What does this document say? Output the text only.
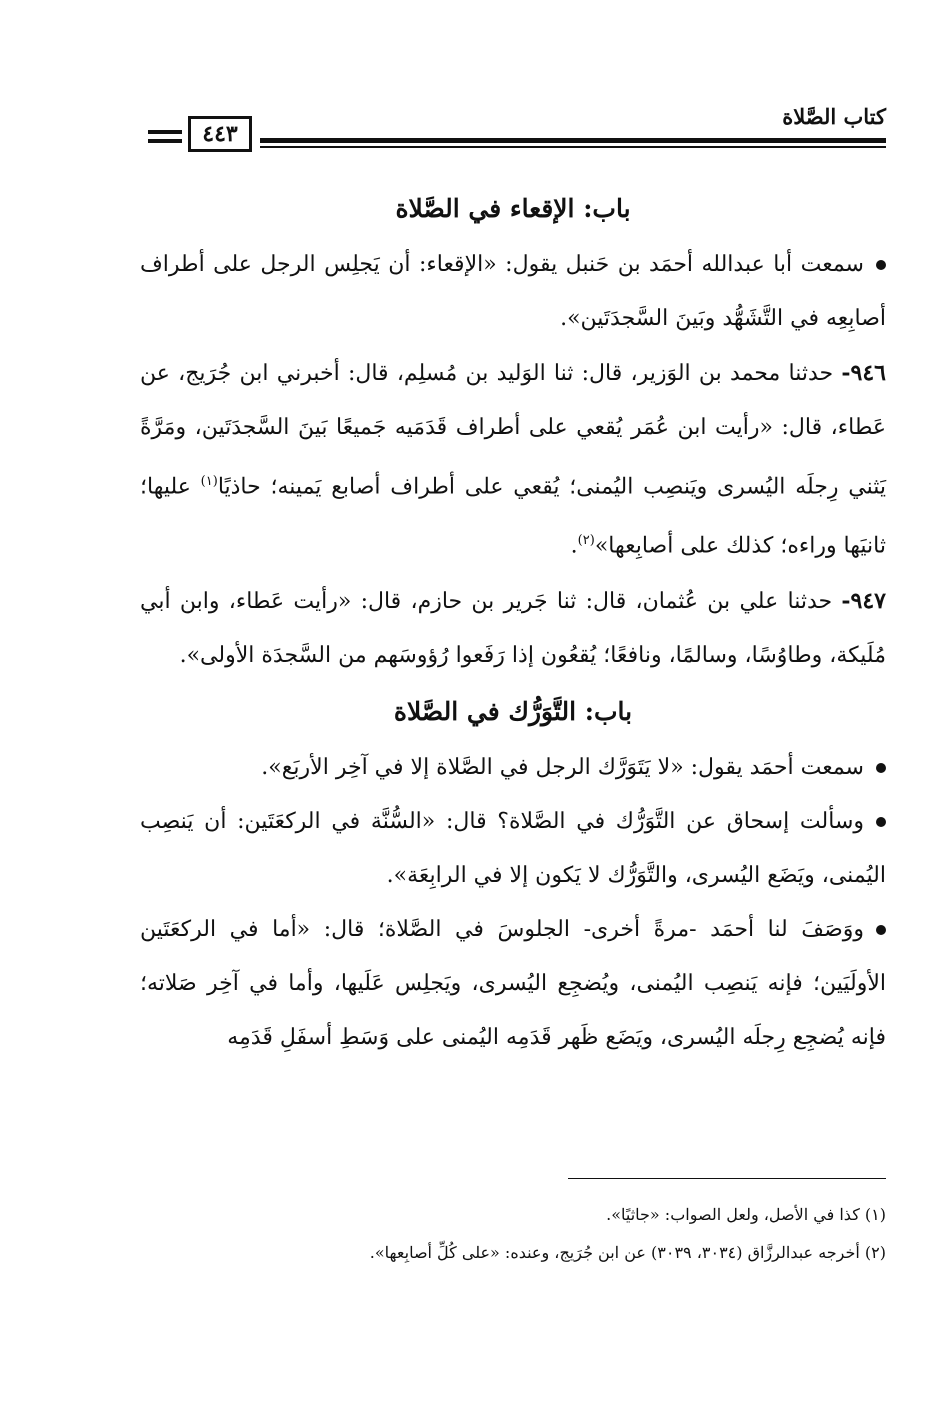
كتاب الصَّلاة
٤٤٣
باب: الإقعاء في الصَّلاة

سمعت أبا عبدالله أحمَد بن حَنبل يقول: «الإقعاء: أن يَجلِس الرجل على أطراف أصابِعِه في التَّشَهُّد وبَينَ السَّجدَتَين».

٩٤٦- حدثنا محمد بن الوَزير، قال: ثنا الوَليد بن مُسلِم، قال: أخبرني ابن جُرَيج، عن عَطاء، قال: «رأيت ابن عُمَر يُقعي على أطراف قَدَمَيه جَميعًا بَينَ السَّجدَتَين، ومَرَّةً يَثني رِجلَه اليُسرى ويَنصِب اليُمنى؛ يُقعي على أطراف أصابع يَمينه؛ حاذيًا$^{(١)}$ عليها؛ ثانيَها وراءه؛ كذلك على أصابِعها»$^{(٢)}$.

٩٤٧- حدثنا علي بن عُثمان، قال: ثنا جَرير بن حازم، قال: «رأيت عَطاء، وابن أبي مُلَيكة، وطاوُسًا، وسالمًا، ونافعًا؛ يُقعُون إذا رَفَعوا رُؤوسَهم من السَّجدَة الأولى».

باب: التَّوَرُّك في الصَّلاة

سمعت أحمَد يقول: «لا يَتَوَرَّك الرجل في الصَّلاة إلا في آخِر الأربَع».

وسألت إسحاق عن التَّوَرُّك في الصَّلاة؟ قال: «السُّنَّة في الركعَتَين: أن يَنصِب اليُمنى، ويَضَع اليُسرى، والتَّوَرُّك لا يَكون إلا في الرابِعَة».

ووَصَفَ لنا أحمَد -مرةً أخرى- الجلوسَ في الصَّلاة؛ قال: «أما في الركعَتَين الأولَيَين؛ فإنه يَنصِب اليُمنى، ويُضجِع اليُسرى، ويَجلِس عَلَيها، وأما في آخِر صَلاته؛ فإنه يُضجِع رِجلَه اليُسرى، ويَضَع ظَهر قَدَمِه اليُمنى على وَسَطِ أسفَلِ قَدَمِه

(١) كذا في الأصل، ولعل الصواب: «جاثيًا».

(٢) أخرجه عبدالرزَّاق (٣٠٣٤، ٣٠٣٩) عن ابن جُرَيج، وعنده: «على كُلِّ أصابِعها».
